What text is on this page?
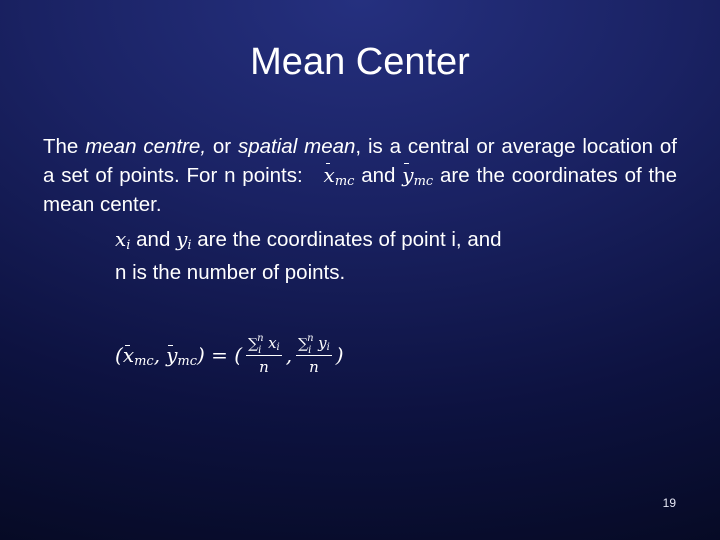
Mean Center

The mean centre, or spatial mean, is a central or average location of a set of points. For n points: $x_{mc}$ and $y_{mc}$ are the coordinates of the mean center.

$x_i$ and $y_i$ are the coordinates of point i, and

n is the number of points.

( $x_{mc}$ , $y_{mc}$ ) = ( ∑ n
i $x_i$
n , ∑ n
i $y_i$
n )
19
